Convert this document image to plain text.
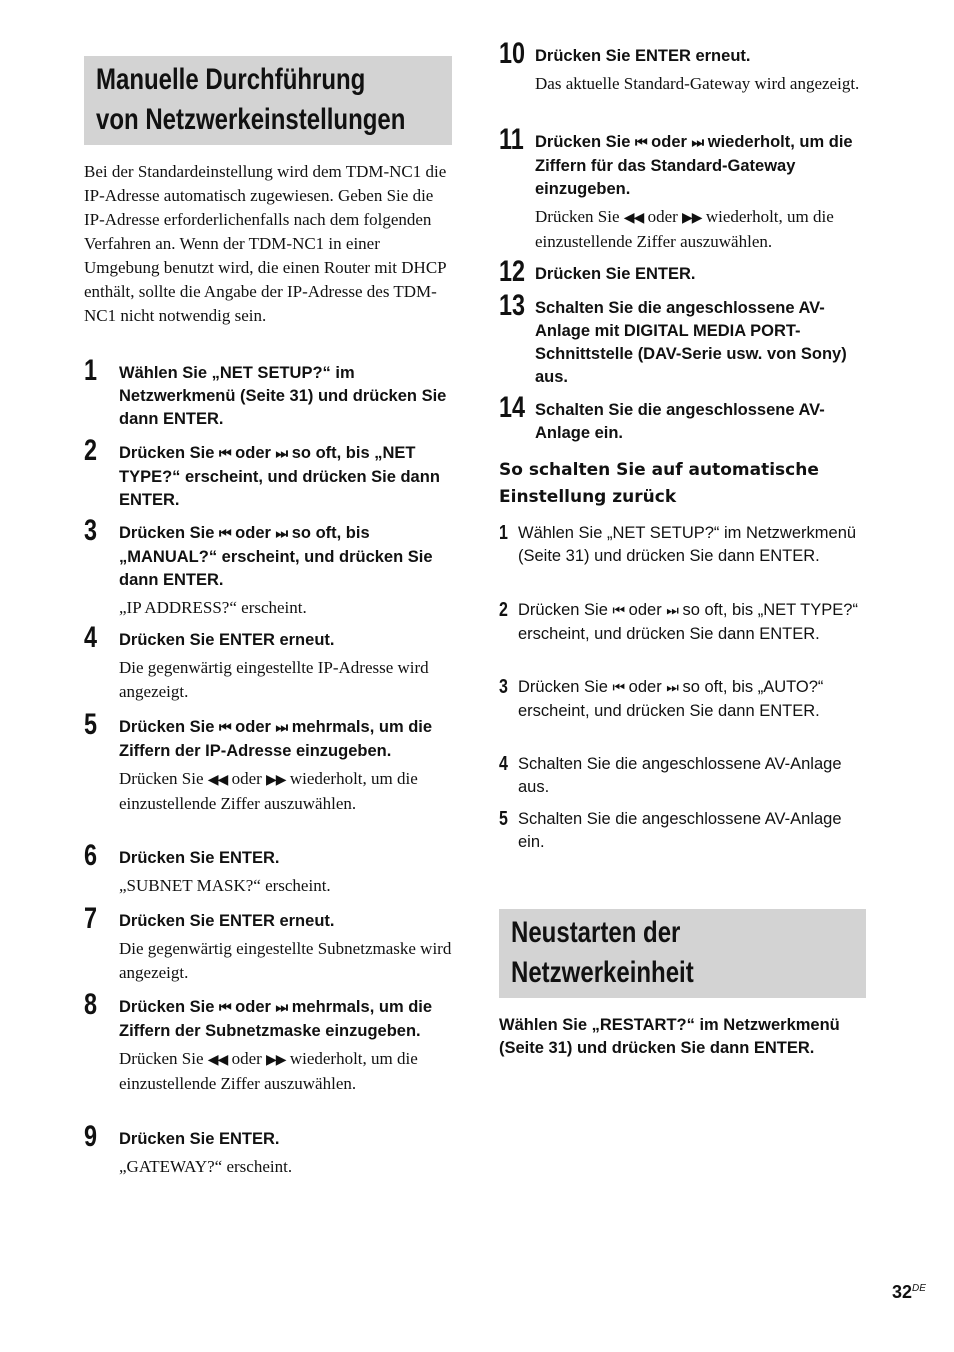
Manuelle Durchführung
von Netzwerkeinstellungen

Bei der Standardeinstellung wird dem TDM-NC1 die IP-Adresse automatisch zugewiesen. Geben Sie die IP-Adresse erforderlichenfalls nach dem folgenden Verfahren an. Wenn der TDM-NC1 in einer Umgebung benutzt wird, die einen Router mit DHCP enthält, sollte die Angabe der IP-Adresse des TDM-NC1 nicht notwendig sein.

1 Wählen Sie „NET SETUP?“ im Netzwerkmenü (Seite 31) und drücken Sie dann ENTER.
2 Drücken Sie ⏮ oder ⏭ so oft, bis „NET TYPE?“ erscheint, und drücken Sie dann ENTER.
3 Drücken Sie ⏮ oder ⏭ so oft, bis „MANUAL?“ erscheint, und drücken Sie dann ENTER.
„IP ADDRESS?“ erscheint.
4 Drücken Sie ENTER erneut.
Die gegenwärtig eingestellte IP-Adresse wird angezeigt.
5 Drücken Sie ⏮ oder ⏭ mehrmals, um die Ziffern der IP-Adresse einzugeben.
Drücken Sie ◀◀ oder ▶▶ wiederholt, um die einzustellende Ziffer auszuwählen.
6 Drücken Sie ENTER.
„SUBNET MASK?“ erscheint.
7 Drücken Sie ENTER erneut.
Die gegenwärtig eingestellte Subnetzmaske wird angezeigt.
8 Drücken Sie ⏮ oder ⏭ mehrmals, um die Ziffern der Subnetzmaske einzugeben.
Drücken Sie ◀◀ oder ▶▶ wiederholt, um die einzustellende Ziffer auszuwählen.
9 Drücken Sie ENTER.
„GATEWAY?“ erscheint.
10 Drücken Sie ENTER erneut.
Das aktuelle Standard-Gateway wird angezeigt.
11 Drücken Sie ⏮ oder ⏭ wiederholt, um die Ziffern für das Standard-Gateway einzugeben.
Drücken Sie ◀◀ oder ▶▶ wiederholt, um die einzustellende Ziffer auszuwählen.
12 Drücken Sie ENTER.
13 Schalten Sie die angeschlossene AV-Anlage mit DIGITAL MEDIA PORT-Schnittstelle (DAV-Serie usw. von Sony) aus.
14 Schalten Sie die angeschlossene AV-Anlage ein.
So schalten Sie auf automatische Einstellung zurück
1 Wählen Sie „NET SETUP?“ im Netzwerkmenü (Seite 31) und drücken Sie dann ENTER.
2 Drücken Sie ⏮ oder ⏭ so oft, bis „NET TYPE?“ erscheint, und drücken Sie dann ENTER.
3 Drücken Sie ⏮ oder ⏭ so oft, bis „AUTO?“ erscheint, und drücken Sie dann ENTER.
4 Schalten Sie die angeschlossene AV-Anlage aus.
5 Schalten Sie die angeschlossene AV-Anlage ein.
Neustarten der
Netzwerkeinheit
Wählen Sie „RESTART?“ im Netzwerkmenü (Seite 31) und drücken Sie dann ENTER.
32DE
